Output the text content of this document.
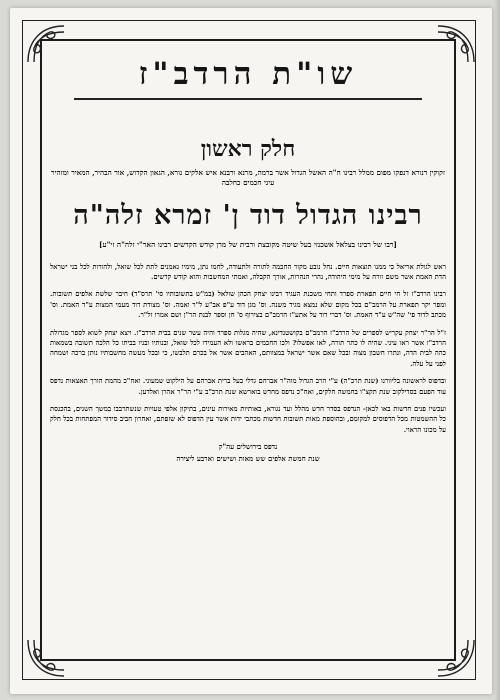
שו"ת הרדב"ז
חלק ראשון
זקוקין דנורא דנפקו מפום ממלל רבינו ח"ה האשל הגדול אשר ברמה, מרנא ורבנא איש אלקים נורא, הגאון הקדוש, אור הבהיר, המאיר ומזהיר עיני חכמים כחלבה
רבינו הגדול דוד ן' זמרא זלה"ה
[רבו של רבינו בצלאל אשכנזי בעל שיטה מקובצת ורבית של מרן קודש הקדשים רבינו האר"י זלה"ה זי"ע]

ראש לגולת אריאל כי ממנו תוצאות חיים. נחל נובע מקור החכמה לתורה ולתעודה, לחמו נתן, מימיו נאמנים לתת לכל שואל, ולהורות לכל בני ישראל הדת האמת אשר משם זורח על מימי היהודה, נהרי הנהרות, אורך הקבלה, ואמתי המחשבות והוא קודש קדשים.

רבינו הרדב"ז זל חי חיים תפארת ספרד ותחי משכנת העגיד רבינו יצחק הכהן שולאל (במ"ש בתשובותיו סי' תרס"ד) חיבר שלשת אלפים תשובות. ומפר יקר תפארת על הרמב"ם בכל מקום שלא נמצא מגיד משנה. וס' מגן דוד ע"פ אב"ע ל"ר ואמה. וס' מצודת דוד מעמי המצות ע"ד האמת. וס' מכתב לדוד פי' שה"ש ע"ד האמת. וס' דברי דוד על אתע"ז הרמב"ם בצירוף ס' חן וספר לבנת הר"ן ושם אמרו זל"ר.

ז"ל הר"ר יצחק עקריש לספרים של הרדב"ז הרמב"ם בקושטנדינא, שהיה מגלות ספרד והיה עשר שנים בבית הרדב"ז. ויצא יצחק לשוא לספר מגדולת הרדב"ז אשר ראו עיני. שהיה לו כתר תורה, לאו אפשלו? ולכו החכמים בראשו ולא העמידו לכל שואל, ובנותיו ובניו בביתו כל הלכה תשובה בשמאות כהה לבית הדה, ונתרו חשבון מצוה ובכל שאם אשר ישראל במצוותם, האהבים אשר אל בכרם תלבשו, כי ובכל מעשה מחשבותיו נותן ברכה ושמחה לפני על עלה.

ובדפוס לראשונה בליוורנו (שנת תרכ"ה) ע"י הרב הגדול מוה"ר אברהם גדלי בעל ברית אברהם על הילקוט שמעוני. ואח"כ מהמת הורך תאצאות נדפס עוד הפעם בסדילקוב שנת תקצ"ו בחמשה חלקים, ואח"כ נדפס מחדש בוארשא שנת תרכ"ב ע"י הר"ר אהרן ואלדען.

ועכשיו פנים חדשות באו לכאן- הנדפס בסדר חדש מהלל ועד נגורא, באותיות מאירות עינים, בתיקון אלפי טעויות שנשתרבבו במשך השנים, בהכנסת כל ההשמטות מכל הדפוסים למקומם, ובהוספת מאות תשובות חדשות מכתבי ידות אשר עין הדפוס לא שזפתם, ואחרון חביב סידור המפתחות בכל חלק על מכונו הראוי.

נדפס בירושלים עה"ק
שנת חמשת אלפים שש מאות ושישים וארבע ליצירה
